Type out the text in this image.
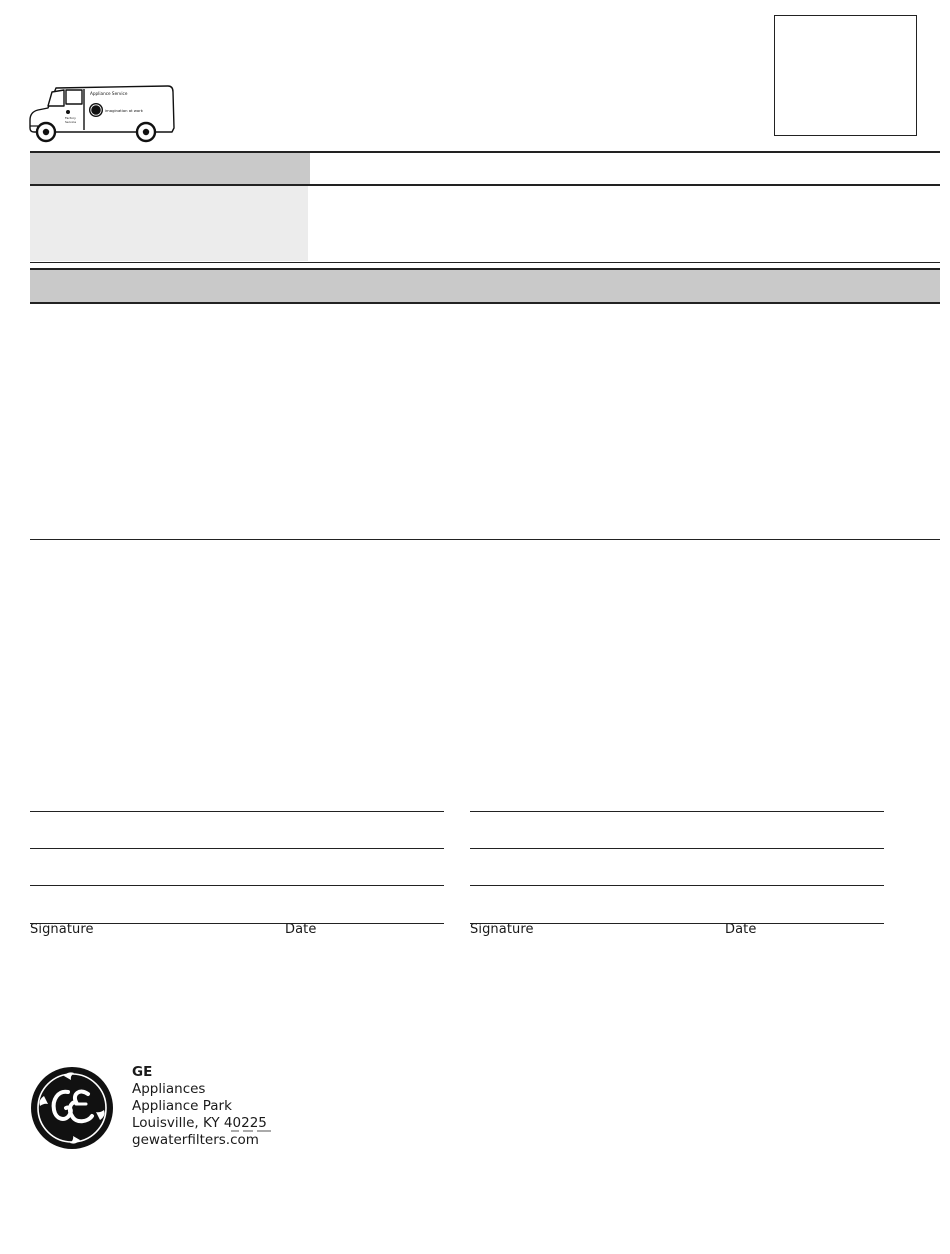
Appliance Service
imagination at work
Factory
Service
Signature	Date	Signature	Date
GE
Appliances
Appliance Park
Louisville, KY 40225
gewaterfilters.com
